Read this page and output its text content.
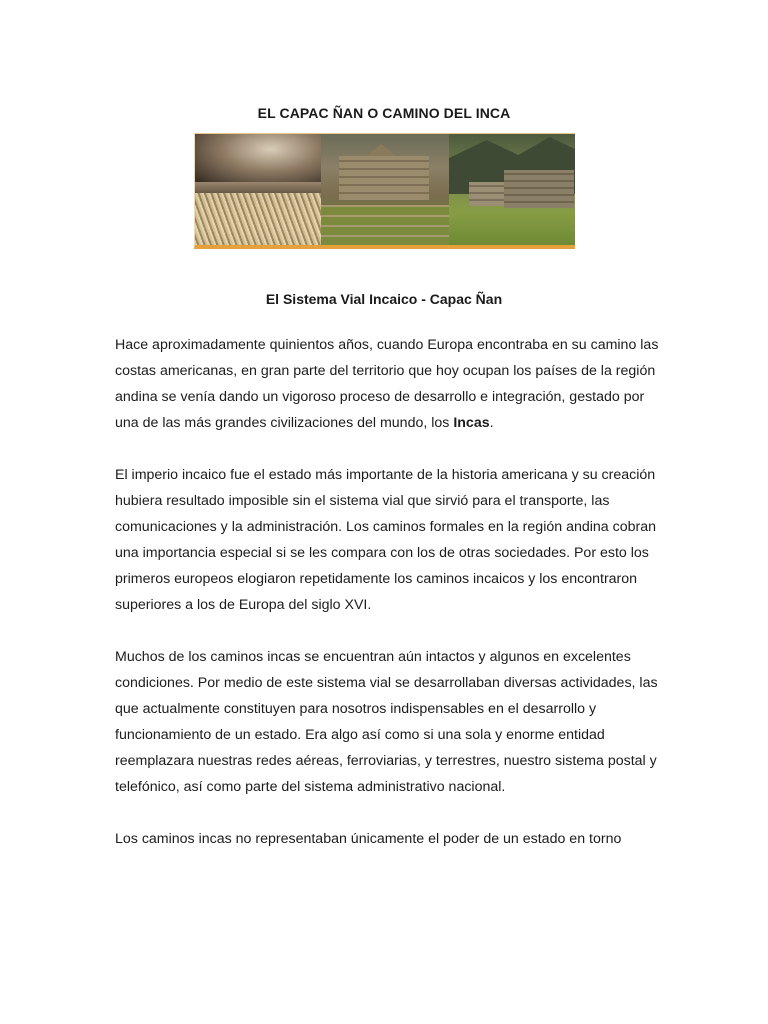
EL CAPAC ÑAN O CAMINO DEL INCA
El Sistema Vial Incaico - Capac Ñan

Hace aproximadamente quinientos años, cuando Europa encontraba en su camino las costas americanas, en gran parte del territorio que hoy ocupan los países de la región andina se venía dando un vigoroso proceso de desarrollo e integración, gestado por una de las más grandes civilizaciones del mundo, los Incas.

El imperio incaico fue el estado más importante de la historia americana y su creación hubiera resultado imposible sin el sistema vial que sirvió para el transporte, las comunicaciones y la administración. Los caminos formales en la región andina cobran una importancia especial si se les compara con los de otras sociedades. Por esto los primeros europeos elogiaron repetidamente los caminos incaicos y los encontraron superiores a los de Europa del siglo XVI.

Muchos de los caminos incas se encuentran aún intactos y algunos en excelentes condiciones. Por medio de este sistema vial se desarrollaban diversas actividades, las que actualmente constituyen para nosotros indispensables en el desarrollo y funcionamiento de un estado. Era algo así como si una sola y enorme entidad reemplazara nuestras redes aéreas, ferroviarias, y terrestres, nuestro sistema postal y telefónico, así como parte del sistema administrativo nacional.

Los caminos incas no representaban únicamente el poder de un estado en torno
